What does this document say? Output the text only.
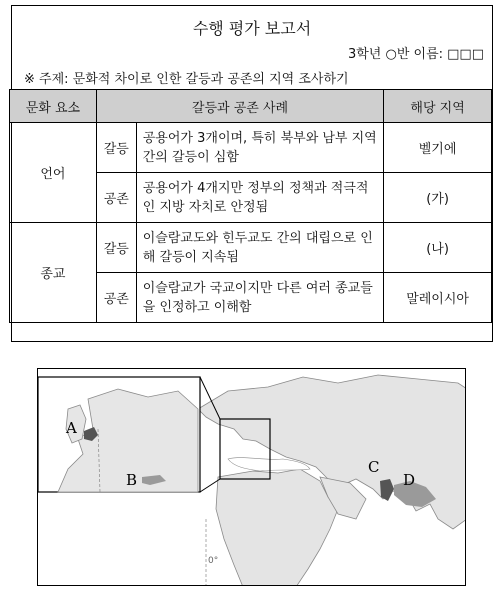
수행 평가 보고서
3학년 ○반 이름: □□□
※ 주제: 문화적 차이로 인한 갈등과 공존의 지역 조사하기
문화 요소	갈등과 공존 사례		해당 지역
언어	갈등	공용어가 3개이며, 특히 북부와 남부 지역 간의 갈등이 심함	벨기에
	공존	공용어가 4개지만 정부의 정책과 적극적인 지방 자치로 안정됨	(가)
종교	갈등	이슬람교도와 힌두교도 간의 대립으로 인해 갈등이 지속됨	(나)
	공존	이슬람교가 국교이지만 다른 여러 종교들을 인정하고 이해함	말레이시아
A
B
C
D
0°
